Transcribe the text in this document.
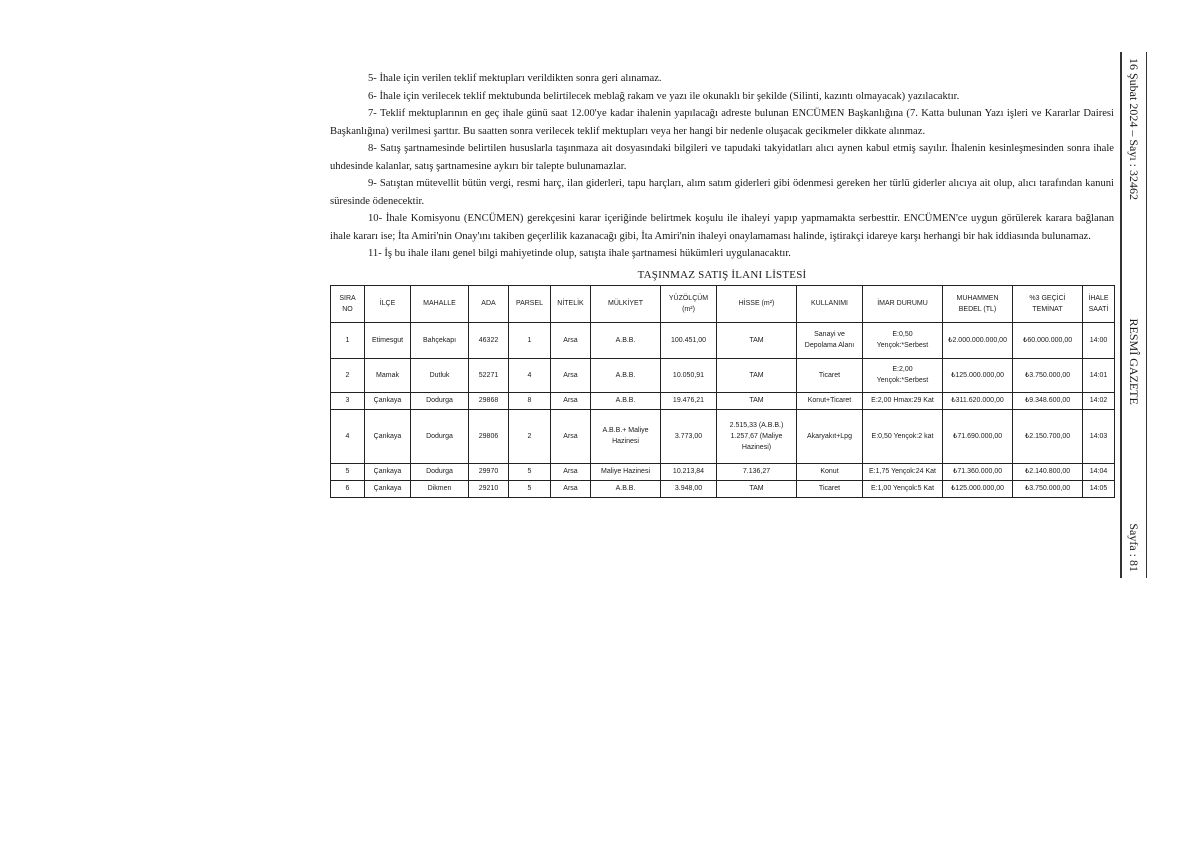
5- İhale için verilen teklif mektupları verildikten sonra geri alınamaz.

6- İhale için verilecek teklif mektubunda belirtilecek meblağ rakam ve yazı ile okunaklı bir şekilde (Silinti, kazıntı olmayacak) yazılacaktır.

7- Teklif mektuplarının en geç ihale günü saat 12.00'ye kadar ihalenin yapılacağı adreste bulunan ENCÜMEN Başkanlığına (7. Katta bulunan Yazı işleri ve Kararlar Dairesi Başkanlığına) verilmesi şarttır. Bu saatten sonra verilecek teklif mektupları veya her hangi bir nedenle oluşacak gecikmeler dikkate alınmaz.

8- Satış şartnamesinde belirtilen hususlarla taşınmaza ait dosyasındaki bilgileri ve tapudaki takyidatları alıcı aynen kabul etmiş sayılır. İhalenin kesinleşmesinden sonra ihale uhdesinde kalanlar, satış şartnamesine aykırı bir talepte bulunamazlar.

9- Satıştan mütevellit bütün vergi, resmi harç, ilan giderleri, tapu harçları, alım satım giderleri gibi ödenmesi gereken her türlü giderler alıcıya ait olup, alıcı tarafından kanuni süresinde ödenecektir.

10- İhale Komisyonu (ENCÜMEN) gerekçesini karar içeriğinde belirtmek koşulu ile ihaleyi yapıp yapmamakta serbesttir. ENCÜMEN'ce uygun görülerek karara bağlanan ihale kararı ise; İta Amiri'nin Onay'ını takiben geçerlilik kazanacağı gibi, İta Amiri'nin ihaleyi onaylamaması halinde, iştirakçi idareye karşı herhangi bir hak iddiasında bulunamaz.

11- İş bu ihale ilanı genel bilgi mahiyetinde olup, satışta ihale şartnamesi hükümleri uygulanacaktır.

TAŞINMAZ SATIŞ İLANI LİSTESİ
SIRA
NO	İLÇE	MAHALLE	ADA	PARSEL	NİTELİK	MÜLKİYET	YÜZÖLÇÜM
(m²)	HİSSE (m²)	KULLANIMI	İMAR DURUMU	MUHAMMEN
BEDEL (TL)	%3 GEÇİCİ
TEMİNAT	İHALE
SAATİ
1	Etimesgut	Bahçekapı	46322	1	Arsa	A.B.B.	100.451,00	TAM	Sanayi ve
Depolama Alanı	E:0,50
Yençok:*Serbest	₺2.000.000.000,00	₺60.000.000,00	14:00
2	Mamak	Dutluk	52271	4	Arsa	A.B.B.	10.050,91	TAM	Ticaret	E:2,00
Yençok:*Serbest	₺125.000.000,00	₺3.750.000,00	14:01
3	Çankaya	Dodurga	29868	8	Arsa	A.B.B.	19.476,21	TAM	Konut+Ticaret	E:2,00 Hmax:29 Kat	₺311.620.000,00	₺9.348.600,00	14:02
4	Çankaya	Dodurga	29806	2	Arsa	A.B.B.+ Maliye
Hazinesi	3.773,00	2.515,33 (A.B.B.)
1.257,67 (Maliye
Hazinesi)	Akaryakıt+Lpg	E:0,50 Yençok:2 kat	₺71.690.000,00	₺2.150.700,00	14:03
5	Çankaya	Dodurga	29970	5	Arsa	Maliye Hazinesi	10.213,84	7.136,27	Konut	E:1,75 Yençok:24 Kat	₺71.360.000,00	₺2.140.800,00	14:04
6	Çankaya	Dikmen	29210	5	Arsa	A.B.B.	3.948,00	TAM	Ticaret	E:1,00 Yençok:5 Kat	₺125.000.000,00	₺3.750.000,00	14:05
16 Şubat 2024 – Sayı : 32462
RESMÎ GAZETE
Sayfa : 81
